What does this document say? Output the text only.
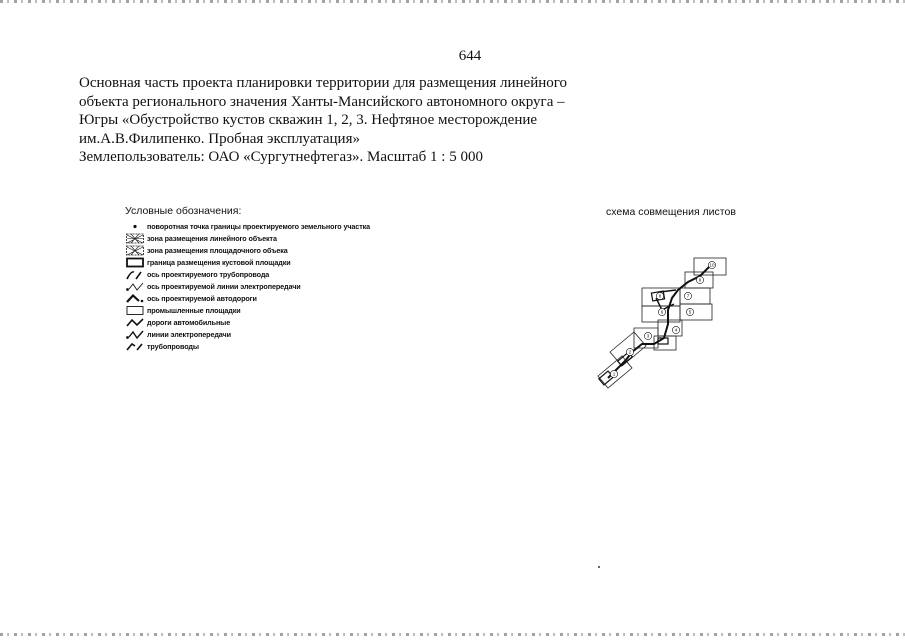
644
Основная часть проекта планировки территории для размещения линейного
объекта регионального значения Ханты-Мансийского автономного округа –
Югры «Обустройство кустов скважин 1, 2, 3. Нефтяное месторождение
им.А.В.Филипенко. Пробная эксплуатация»
Землепользователь: ОАО «Сургутнефтегаз». Масштаб 1 : 5 000
Условные обозначения:
поворотная точка границы проектируемого земельного участка
зона размещения линейного объекта
зона размещения площадочного объека
граница размещения кустовой площадки
ось проектируемого трубопровода
ось проектируемой линии электропередачи
ось проектируемой автодороги
промышленные площадки
дороги автомобильные
линии электропередачи
трубопроводы
схема совмещения листов
10
9
8	7
6	5
4
3
2
1
